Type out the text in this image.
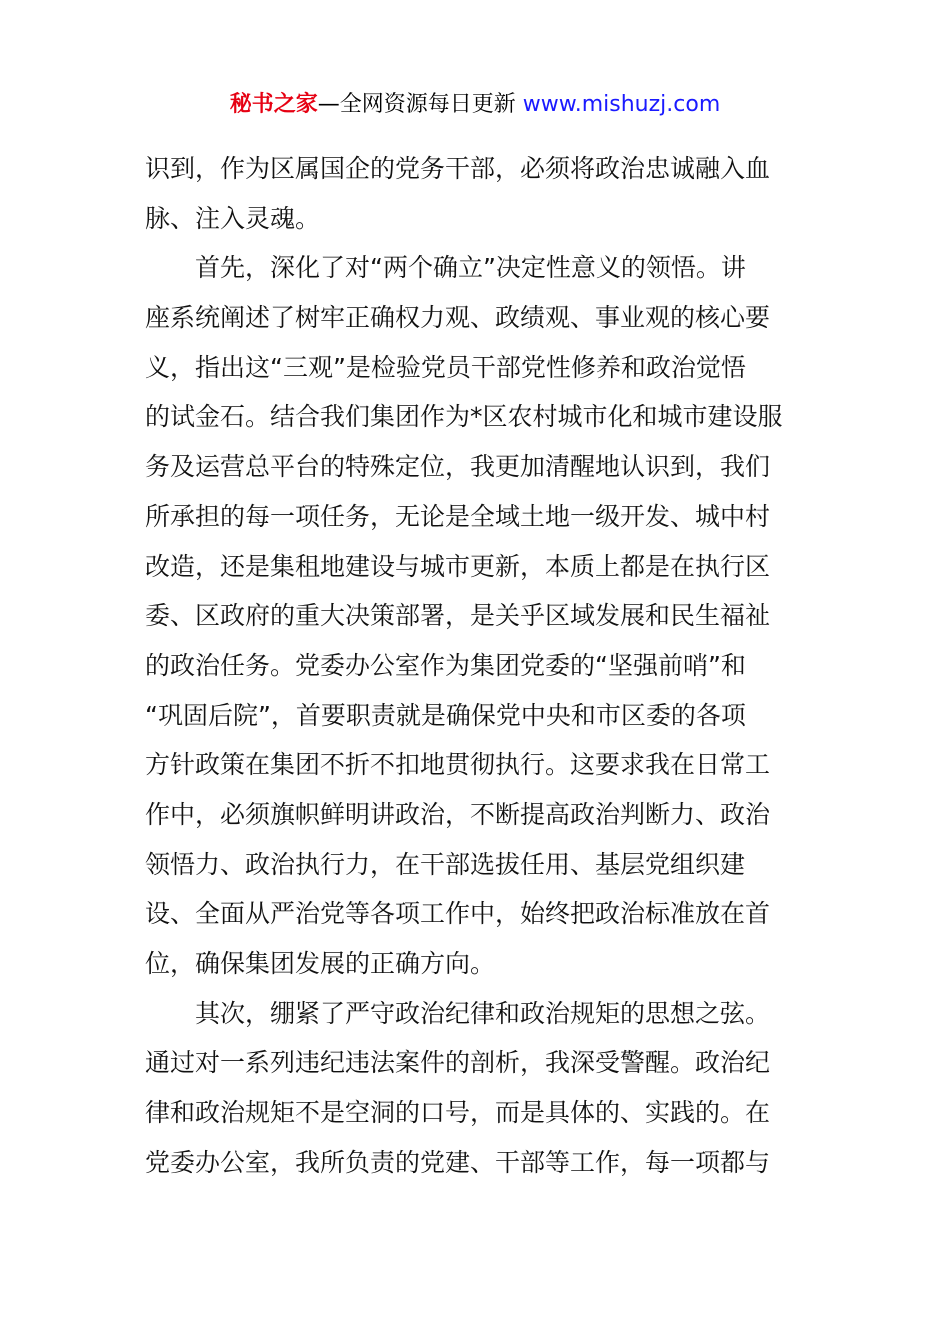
秘书之家—全网资源每日更新 www.mishuzj.com
识到，作为区属国企的党务干部，必须将政治忠诚融入血
脉、注入灵魂。
首先，深化了对“两个确立”决定性意义的领悟。讲
座系统阐述了树牢正确权力观、政绩观、事业观的核心要
义，指出这“三观”是检验党员干部党性修养和政治觉悟
的试金石。结合我们集团作为*区农村城市化和城市建设服
务及运营总平台的特殊定位，我更加清醒地认识到，我们
所承担的每一项任务，无论是全域土地一级开发、城中村
改造，还是集租地建设与城市更新，本质上都是在执行区
委、区政府的重大决策部署，是关乎区域发展和民生福祉
的政治任务。党委办公室作为集团党委的“坚强前哨”和
“巩固后院”，首要职责就是确保党中央和市区委的各项
方针政策在集团不折不扣地贯彻执行。这要求我在日常工
作中，必须旗帜鲜明讲政治，不断提高政治判断力、政治
领悟力、政治执行力，在干部选拔任用、基层党组织建
设、全面从严治党等各项工作中，始终把政治标准放在首
位，确保集团发展的正确方向。
其次，绷紧了严守政治纪律和政治规矩的思想之弦。
通过对一系列违纪违法案件的剖析，我深受警醒。政治纪
律和政治规矩不是空洞的口号，而是具体的、实践的。在
党委办公室，我所负责的党建、干部等工作，每一项都与
